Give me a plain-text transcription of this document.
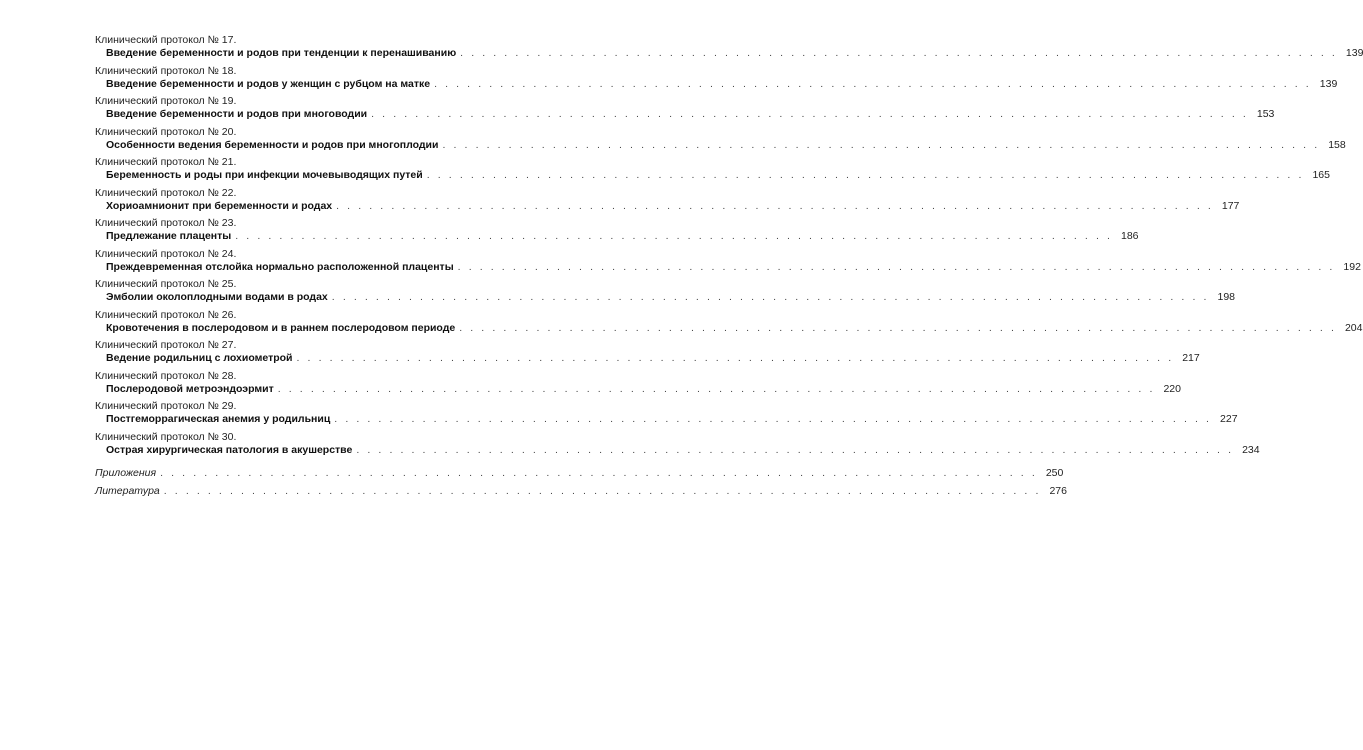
Клинический протокол № 17.
Введение беременности и родов при тенденции к перенашиванию . . . . . . . . . . . . . . . . . . . . . . . . . . . . . . . . . . . . . . . . . . . . . . . . . . . . . . . . . . . . . . . . . . . . . . . . . . . . . . . . 139
Клинический протокол № 18.
Введение беременности и родов у женщин с рубцом на матке . . . . . . . . . . . . . . . . . . . . . . . . . . . . . . . . . . . . . . . . . . . . . . . . . . . . . . . . . . . . . . . . . . . . . . . . . . . . . . . . 139
Клинический протокол № 19.
Введение беременности и родов при многоводии . . . . . . . . . . . . . . . . . . . . . . . . . . . . . . . . . . . . . . . . . . . . . . . . . . . . . . . . . . . . . . . . . . . . . . . . . . . . . . . . 153
Клинический протокол № 20.
Особенности ведения беременности и родов при многоплодии . . . . . . . . . . . . . . . . . . . . . . . . . . . . . . . . . . . . . . . . . . . . . . . . . . . . . . . . . . . . . . . . . . . . . . . . . . . . . . . . 158
Клинический протокол № 21.
Беременность и роды при инфекции мочевыводящих путей . . . . . . . . . . . . . . . . . . . . . . . . . . . . . . . . . . . . . . . . . . . . . . . . . . . . . . . . . . . . . . . . . . . . . . . . . . . . . . . . 165
Клинический протокол № 22.
Хориоамнионит при беременности и родах . . . . . . . . . . . . . . . . . . . . . . . . . . . . . . . . . . . . . . . . . . . . . . . . . . . . . . . . . . . . . . . . . . . . . . . . . . . . . . . . 177
Клинический протокол № 23.
Предлежание плаценты . . . . . . . . . . . . . . . . . . . . . . . . . . . . . . . . . . . . . . . . . . . . . . . . . . . . . . . . . . . . . . . . . . . . . . . . . . . . . . . . 186
Клинический протокол № 24.
Преждевременная отслойка нормально расположенной плаценты . . . . . . . . . . . . . . . . . . . . . . . . . . . . . . . . . . . . . . . . . . . . . . . . . . . . . . . . . . . . . . . . . . . . . . . . . . . . . . . . 192
Клинический протокол № 25.
Эмболии околоплодными водами в родах . . . . . . . . . . . . . . . . . . . . . . . . . . . . . . . . . . . . . . . . . . . . . . . . . . . . . . . . . . . . . . . . . . . . . . . . . . . . . . . . 198
Клинический протокол № 26.
Кровотечения в послеродовом и в раннем послеродовом периоде . . . . . . . . . . . . . . . . . . . . . . . . . . . . . . . . . . . . . . . . . . . . . . . . . . . . . . . . . . . . . . . . . . . . . . . . . . . . . . . . 204
Клинический протокол № 27.
Ведение родильниц с лохиометрой . . . . . . . . . . . . . . . . . . . . . . . . . . . . . . . . . . . . . . . . . . . . . . . . . . . . . . . . . . . . . . . . . . . . . . . . . . . . . . . . 217
Клинический протокол № 28.
Послеродовой метроэндоэрмит . . . . . . . . . . . . . . . . . . . . . . . . . . . . . . . . . . . . . . . . . . . . . . . . . . . . . . . . . . . . . . . . . . . . . . . . . . . . . . . . 220
Клинический протокол № 29.
Постгеморрагическая анемия у родильниц . . . . . . . . . . . . . . . . . . . . . . . . . . . . . . . . . . . . . . . . . . . . . . . . . . . . . . . . . . . . . . . . . . . . . . . . . . . . . . . . 227
Клинический протокол № 30.
Острая хирургическая патология в акушерстве . . . . . . . . . . . . . . . . . . . . . . . . . . . . . . . . . . . . . . . . . . . . . . . . . . . . . . . . . . . . . . . . . . . . . . . . . . . . . . . . 234
Приложения . . . . . . . . . . . . . . . . . . . . . . . . . . . . . . . . . . . . . . . . . . . . . . . . . . . . . . . . . . . . . . . . . . . . . . . . . . . . . . . . 250
Литература . . . . . . . . . . . . . . . . . . . . . . . . . . . . . . . . . . . . . . . . . . . . . . . . . . . . . . . . . . . . . . . . . . . . . . . . . . . . . . . . 276
